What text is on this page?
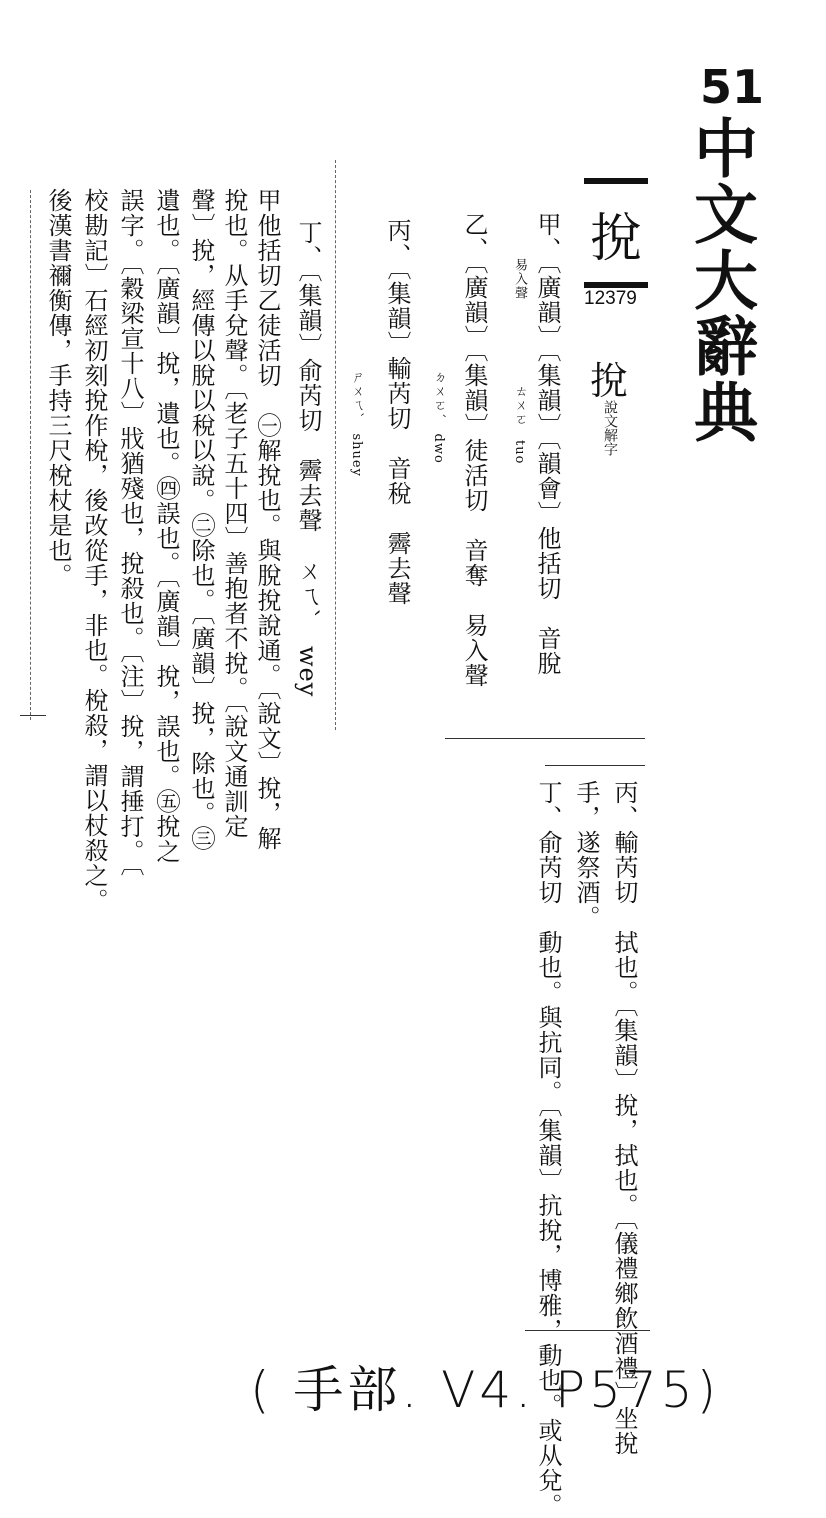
51
中文大辭典
挩
12379
挩
說文解字
甲、〔廣韻〕〔集韻〕〔韻會〕他括切　音脫
　易入聲　　　　　　ㄊㄨㄛ　tuo
乙、〔廣韻〕〔集韻〕徒活切　音奪　易入聲
　　　　　　　　　ㄉㄨㄛˊ　dwo
丙、〔集韻〕輸芮切　音稅　霽去聲
　　　　　　　　　ㄕㄨㄟˋ　shuey
丁、〔集韻〕俞芮切　霽去聲　ㄨㄟˋ　wey
甲他括切乙徒活切　㊀解挩也。與脫挩說通。〔說文〕挩，解
挩也。从手兌聲。〔老子五十四〕善抱者不挩。〔說文通訓定
聲〕挩，經傳以脫以稅以說。㊁除也。〔廣韻〕挩，除也。㊂
遺也。〔廣韻〕挩，遺也。㊃誤也。〔廣韻〕挩，誤也。㊄挩之
誤字。〔穀梁宣十八〕戕猶殘也，挩殺也。〔注〕挩，謂捶打。〔
校勘記〕石經初刻挩作梲，後改從手，非也。梲殺，謂以杖殺之。
後漢書禰衡傳，手持三尺梲杖是也。
丙、輸芮切　拭也。〔集韻〕挩，拭也。〔儀禮鄉飲酒禮〕坐挩
手，遂祭酒。
丁、俞芮切　動也。與抗同。〔集韻〕抗挩，博雅，動也。或从兌。
( 手部. V4. P575)
